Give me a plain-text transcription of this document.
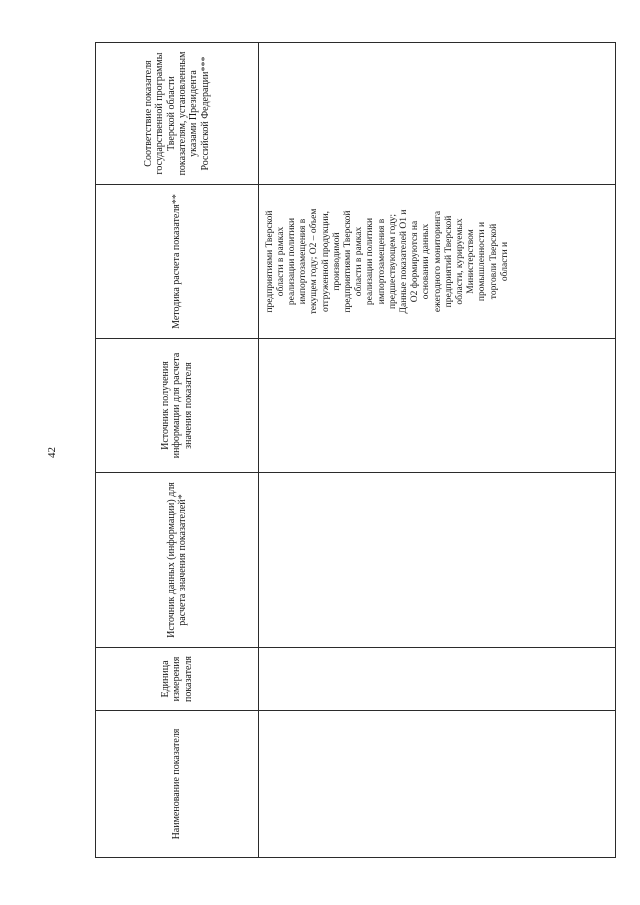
42
Наименование показателя	Единица измерения показателя	Источник данных (информации) для расчета значения показателей*	Источник получения информации для расчета значения показателя	Методика расчета показателя**	Соответствие показателя государственной программы Тверской области показателям, установленным указами Президента Российской Федерации***

				предприятиями Тверской области в рамках реализации политики импортозамещения в текущем году; О2 – объем отгруженной продукции, производимой предприятиями Тверской области в рамках реализации политики импортозамещения в предшествующем году; Данные показателей О1 и О2 формируются на основании данных ежегодного мониторинга предприятий Тверской области, курируемых Министерством промышленности и торговли Тверской области и	
